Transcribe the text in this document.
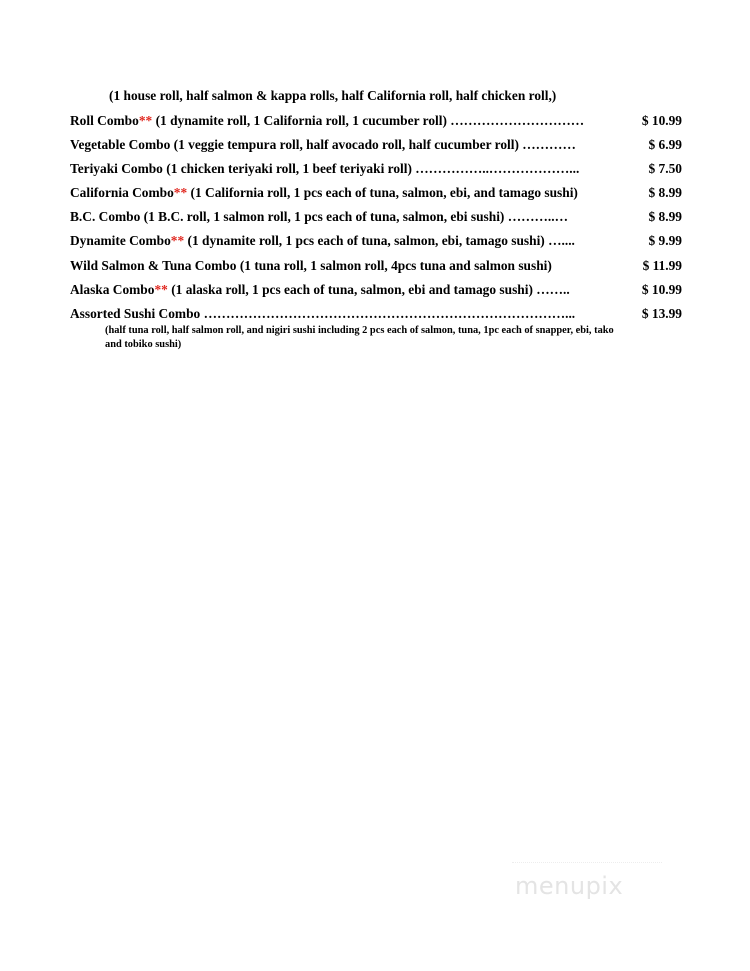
(1 house roll, half salmon & kappa rolls, half California roll, half chicken roll,)
Roll Combo** (1 dynamite roll, 1 California roll, 1 cucumber roll) …………………………	$ 10.99
Vegetable Combo (1 veggie tempura roll, half avocado roll, half cucumber roll) …………	$ 6.99
Teriyaki Combo (1 chicken teriyaki roll, 1 beef teriyaki roll) ……………..………………...	$ 7.50
California Combo** (1 California roll, 1 pcs each of tuna, salmon, ebi, and tamago sushi)	$ 8.99
B.C. Combo (1 B.C. roll, 1 salmon roll, 1 pcs each of tuna, salmon, ebi sushi) ………..…	$ 8.99
Dynamite Combo** (1 dynamite roll, 1 pcs each of tuna, salmon, ebi, tamago sushi) …....	$ 9.99
Wild Salmon & Tuna Combo (1 tuna roll, 1 salmon roll, 4pcs tuna and salmon sushi)	$ 11.99
Alaska Combo** (1 alaska roll, 1 pcs each of tuna, salmon, ebi and tamago sushi) ……..	$ 10.99
Assorted Sushi Combo ………………………………………………………………………...	$ 13.99
(half tuna roll, half salmon roll, and nigiri sushi including 2 pcs each of salmon, tuna, 1pc each of snapper, ebi, tako and tobiko sushi)
menupix
